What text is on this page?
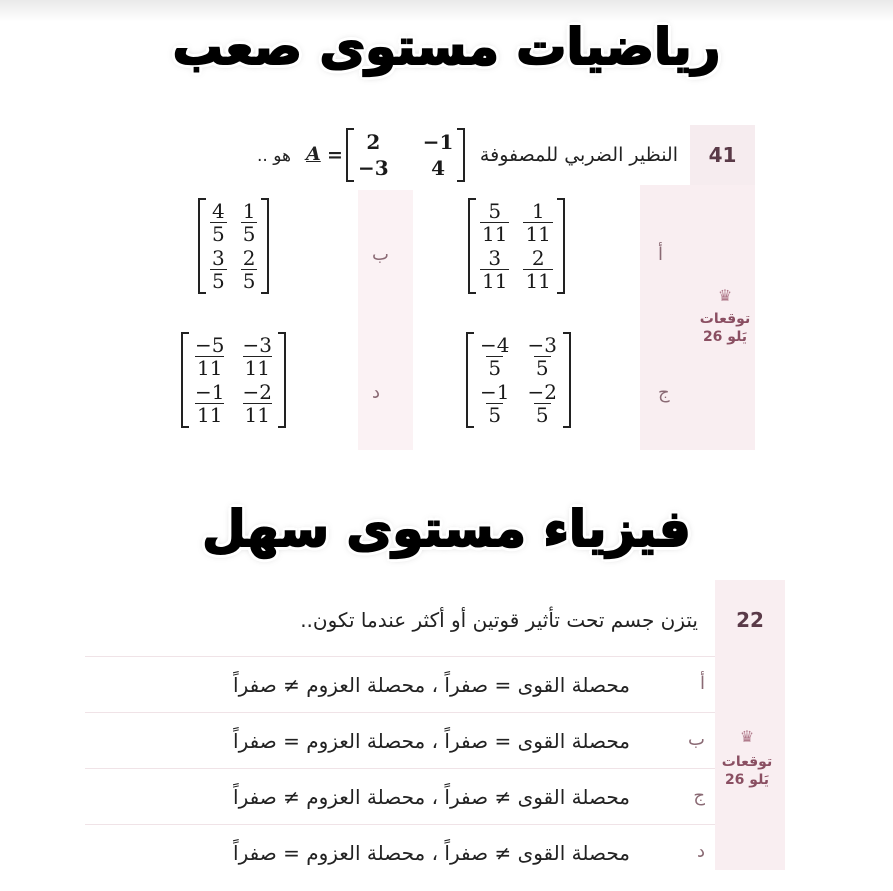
رياضيات مستوى صعب
41
♛
توقعات
يَلو 26
النظير الضربي للمصفوفة
2	−1
−3	4
=
A
هو ..
أ
$\frac{5}{11} \frac{1}{11}$
$\frac{3}{11} \frac{2}{11}$
ب
$\frac{4}{5} \frac{1}{5}$
$\frac{3}{5} \frac{2}{5}$
ج
$\frac{-4}{5} \frac{-3}{5}$
$\frac{-1}{5} \frac{-2}{5}$
د
$\frac{-5}{11} \frac{-3}{11}$
$\frac{-1}{11} \frac{-2}{11}$
فيزياء مستوى سهل
22
يتزن جسم تحت تأثير قوتين أو أكثر عندما تكون..
♛
توقعات
يَلو 26
أ
محصلة القوى = صفراً ، محصلة العزوم ≠ صفراً
ب
محصلة القوى = صفراً ، محصلة العزوم = صفراً
ج
محصلة القوى ≠ صفراً ، محصلة العزوم ≠ صفراً
د
محصلة القوى ≠ صفراً ، محصلة العزوم = صفراً
